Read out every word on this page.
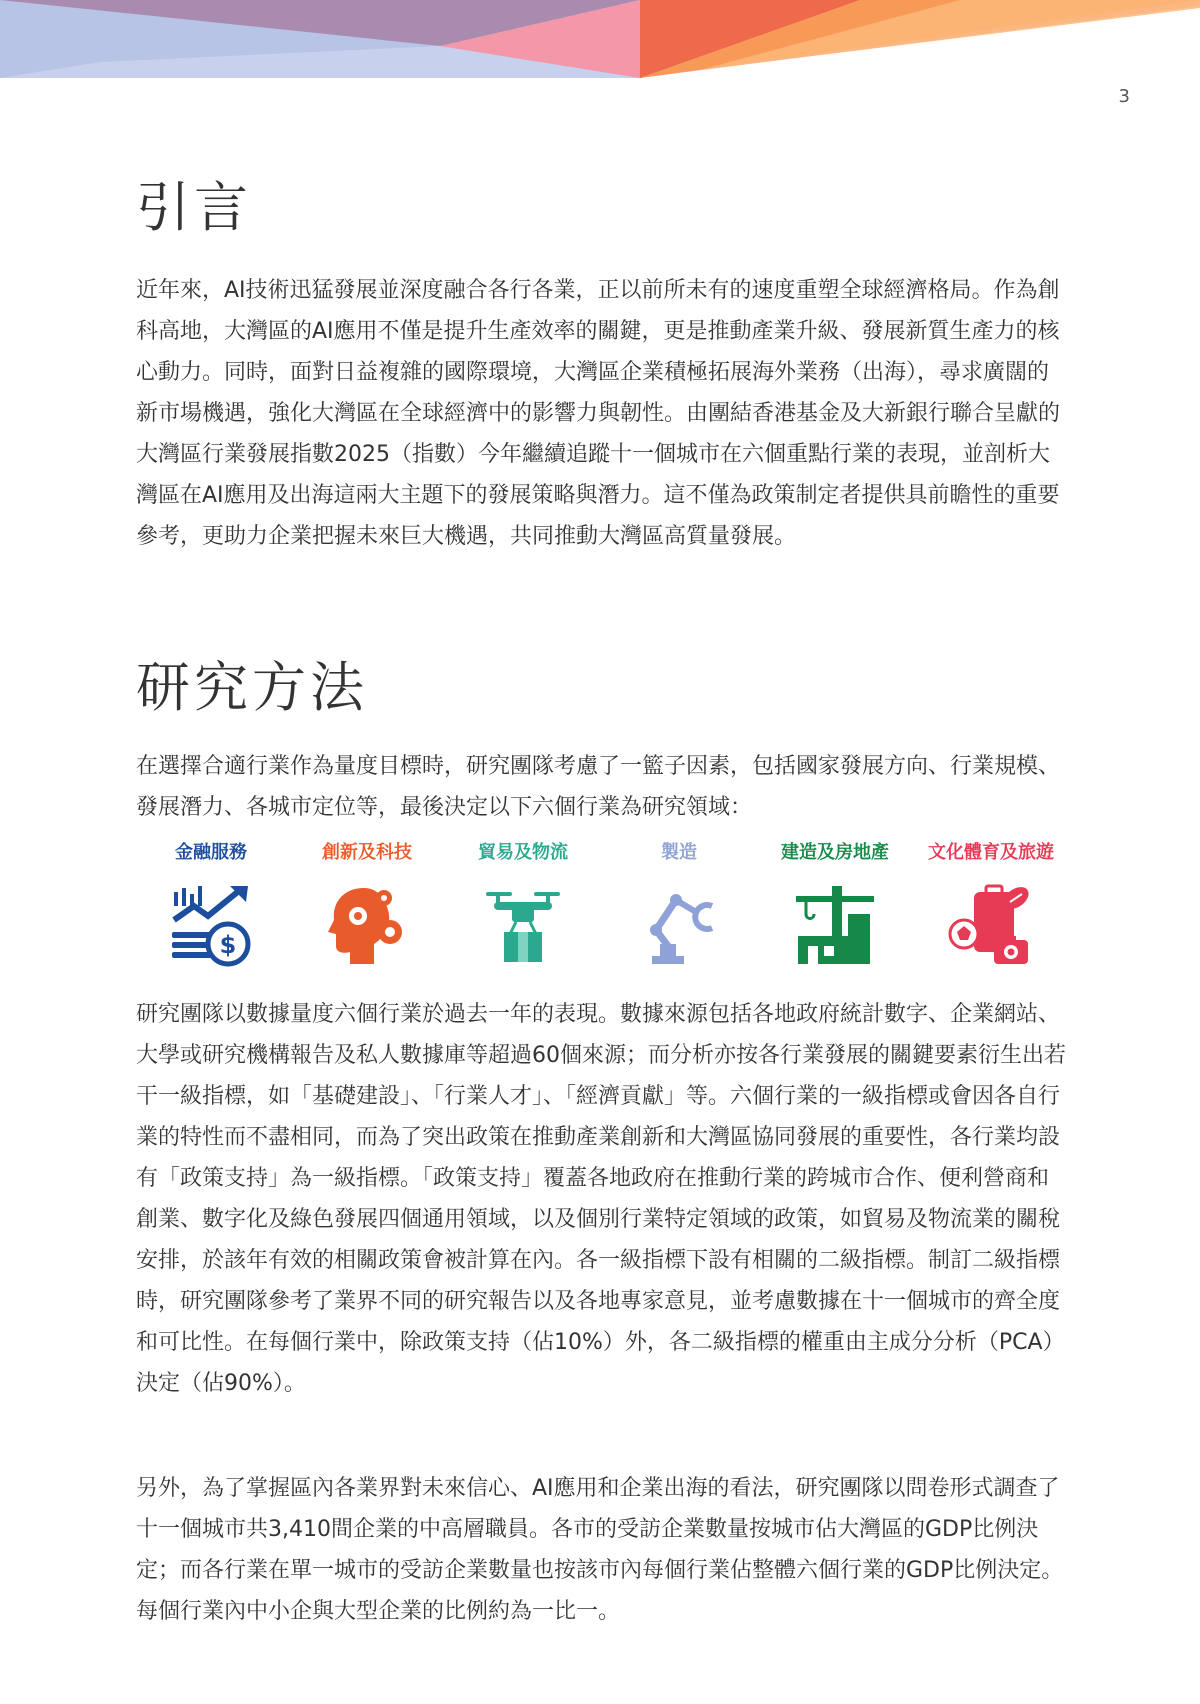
3
引言

近年來，AI技術迅猛發展並深度融合各行各業，正以前所未有的速度重塑全球經濟格局。作為創科高地，大灣區的AI應用不僅是提升生產效率的關鍵，更是推動產業升級、發展新質生產力的核心動力。同時，面對日益複雜的國際環境，大灣區企業積極拓展海外業務（出海），尋求廣闊的新市場機遇，強化大灣區在全球經濟中的影響力與韌性。由團結香港基金及大新銀行聯合呈獻的大灣區行業發展指數2025（指數）今年繼續追蹤十一個城市在六個重點行業的表現，並剖析大灣區在AI應用及出海這兩大主題下的發展策略與潛力。這不僅為政策制定者提供具前瞻性的重要參考，更助力企業把握未來巨大機遇，共同推動大灣區高質量發展。

研究方法

在選擇合適行業作為量度目標時，研究團隊考慮了一籃子因素，包括國家發展方向、行業規模、發展潛力、各城市定位等，最後決定以下六個行業為研究領域：

金融服務
$
創新及科技	貿易及物流	製造	建造及房地產 文化體育及旅遊

研究團隊以數據量度六個行業於過去一年的表現。數據來源包括各地政府統計數字、企業網站、大學或研究機構報告及私人數據庫等超過60個來源；而分析亦按各行業發展的關鍵要素衍生出若干一級指標，如「基礎建設」、「行業人才」、「經濟貢獻」等。六個行業的一級指標或會因各自行業的特性而不盡相同，而為了突出政策在推動產業創新和大灣區協同發展的重要性，各行業均設有「政策支持」為一級指標。「政策支持」覆蓋各地政府在推動行業的跨城市合作、便利營商和創業、數字化及綠色發展四個通用領域，以及個別行業特定領域的政策，如貿易及物流業的關稅安排，於該年有效的相關政策會被計算在內。各一級指標下設有相關的二級指標。制訂二級指標時，研究團隊參考了業界不同的研究報告以及各地專家意見，並考慮數據在十一個城市的齊全度和可比性。在每個行業中，除政策支持（佔10%）外，各二級指標的權重由主成分分析（PCA）決定（佔90%）。

另外，為了掌握區內各業界對未來信心、AI應用和企業出海的看法，研究團隊以問卷形式調查了十一個城市共3,410間企業的中高層職員。各市的受訪企業數量按城市佔大灣區的GDP比例決定；而各行業在單一城市的受訪企業數量也按該市內每個行業佔整體六個行業的GDP比例決定。每個行業內中小企與大型企業的比例約為一比一。
